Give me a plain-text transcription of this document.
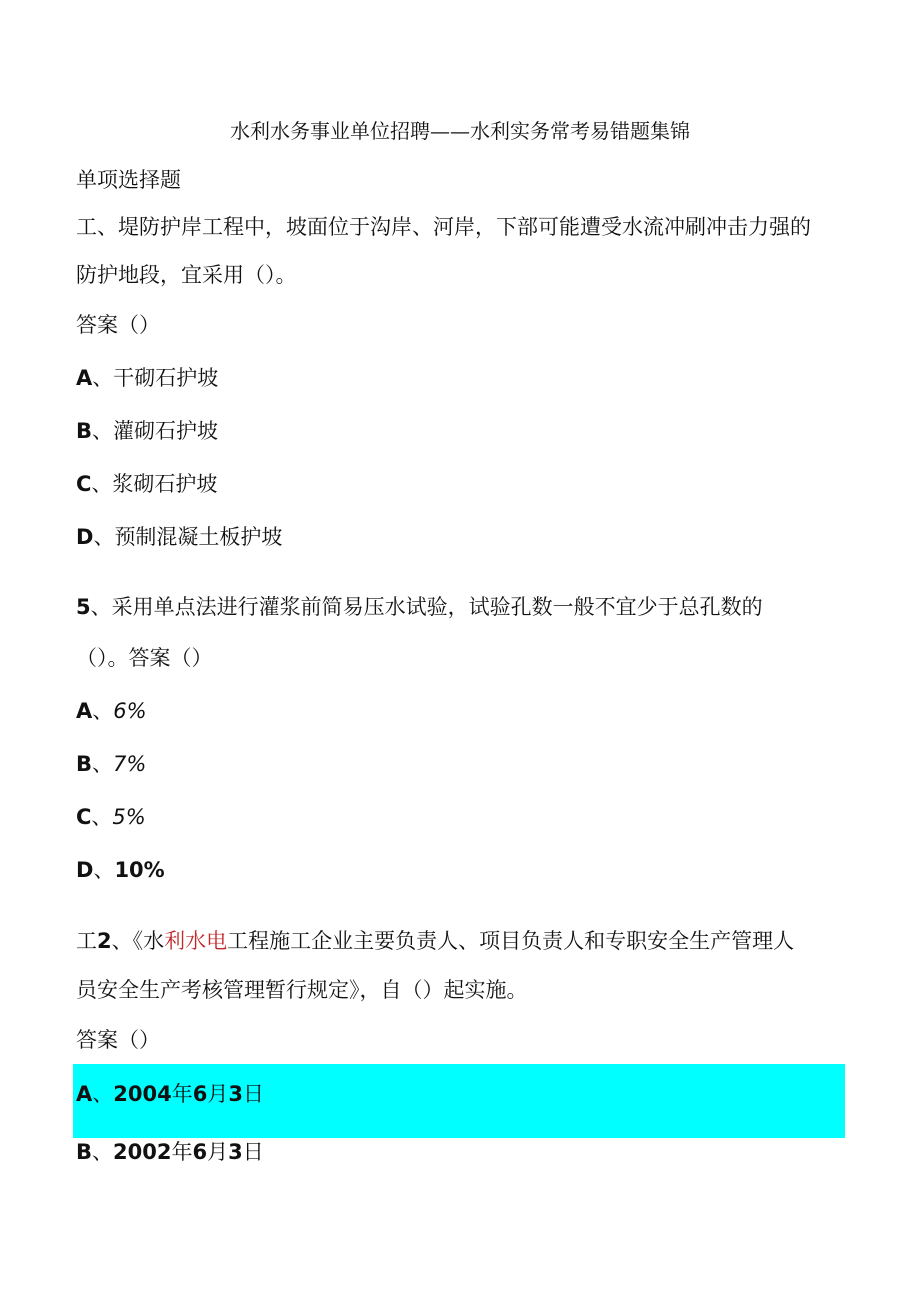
水利水务事业单位招聘——水利实务常考易错题集锦
单项选择题
工、堤防护岸工程中，坡面位于沟岸、河岸，下部可能遭受水流冲刷冲击力强的
防护地段，宜采用（）。
答案（）
A、干砌石护坡
B、灌砌石护坡
C、浆砌石护坡
D、预制混凝土板护坡
5、采用单点法进行灌浆前简易压水试验，试验孔数一般不宜少于总孔数的
（）。答案（）
A、6%
B、7%
C、5%
D、10%
工2、《水利水电工程施工企业主要负责人、项目负责人和专职安全生产管理人
员安全生产考核管理暂行规定》，自（）起实施。
答案（）
A、2004年6月3日
B、2002年6月3日
